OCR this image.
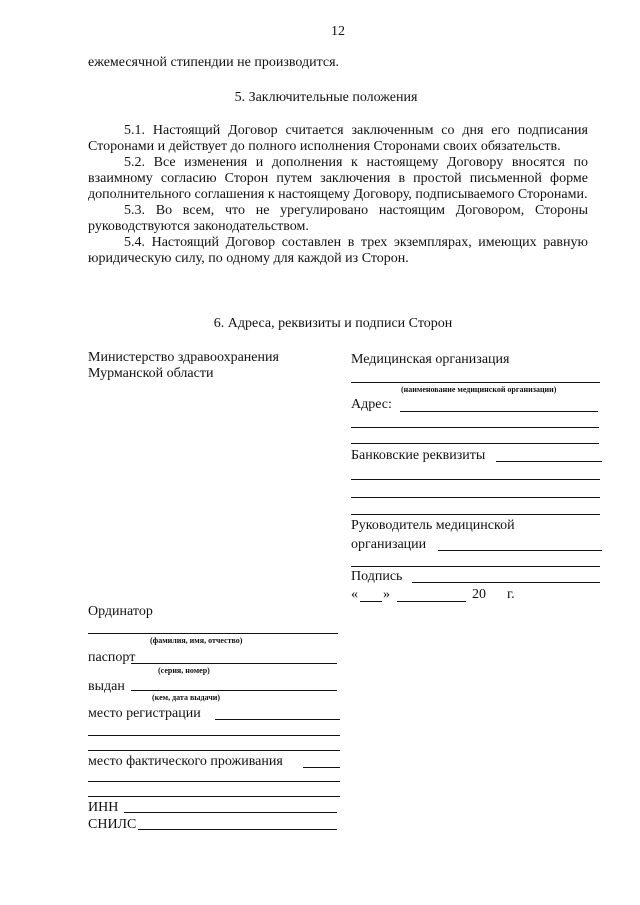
12
ежемесячной стипендии не производится.
5. Заключительные положения

5.1. Настоящий Договор считается заключенным со дня его подписания Сторонами и действует до полного исполнения Сторонами своих обязательств.

5.2. Все изменения и дополнения к настоящему Договору вносятся по взаимному согласию Сторон путем заключения в простой письменной форме дополнительного соглашения к настоящему Договору, подписываемого Сторонами.

5.3. Во всем, что не урегулировано настоящим Договором, Стороны руководствуются законодательством.

5.4. Настоящий Договор составлен в трех экземплярах, имеющих равную юридическую силу, по одному для каждой из Сторон.

6. Адреса, реквизиты и подписи Сторон
Министерство здравоохранения
Мурманской области
Медицинская организация
(наименование медицинской организации)
Адрес:
Банковские реквизиты
Руководитель медицинской
организации
Подпись
« »	20 г.
Ординатор
(фамилия, имя, отчество)
паспорт
(серия, номер)
выдан
(кем, дата выдачи)
место регистрации
место фактического проживания
ИНН
СНИЛС
